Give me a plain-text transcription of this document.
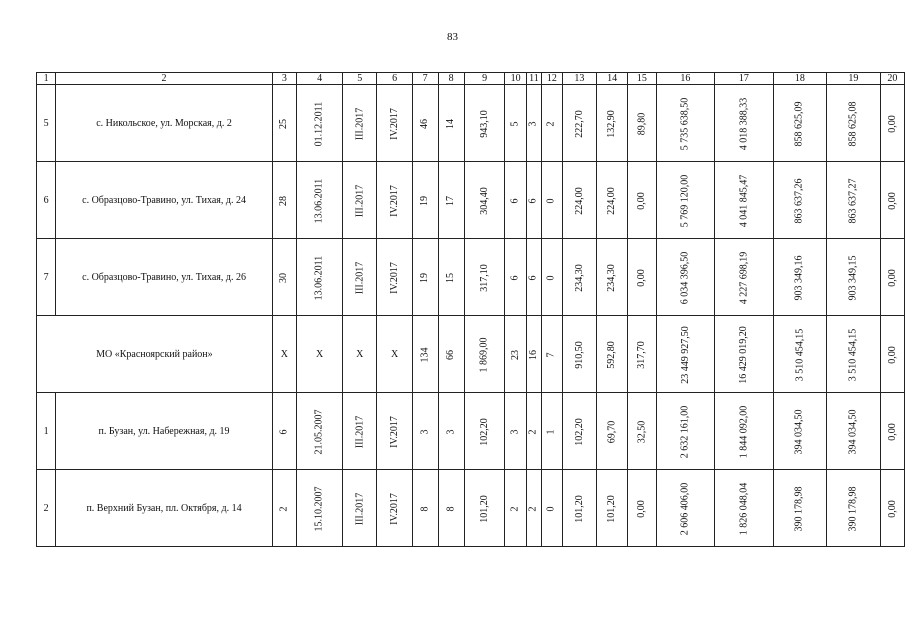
83
1	2	3	4	5	6	7	8	9	10	11	12	13	14	15	16	17	18	19	20
5	с. Никольское, ул. Морская, д. 2	25	01.12.2011	III.2017	IV.2017	46	14	943,10	5	3	2	222,70	132,90	89,80	5 735 638,50	4 018 388,33	858 625,09	858 625,08	0,00
6	с. Образцово-Травино, ул. Тихая, д. 24	28	13.06.2011	III.2017	IV.2017	19	17	304,40	6	6	0	224,00	224,00	0,00	5 769 120,00	4 041 845,47	863 637,26	863 637,27	0,00
7	с. Образцово-Травино, ул. Тихая, д. 26	30	13.06.2011	III.2017	IV.2017	19	15	317,10	6	6	0	234,30	234,30	0,00	6 034 396,50	4 227 698,19	903 349,16	903 349,15	0,00
МО «Красноярский район»		X	X	X	X	134	66	1 869,00	23	16	7	910,50	592,80	317,70	23 449 927,50	16 429 019,20	3 510 454,15	3 510 454,15	0,00
1	п. Бузан, ул. Набережная, д. 19	6	21.05.2007	III.2017	IV.2017	3	3	102,20	3	2	1	102,20	69,70	32,50	2 632 161,00	1 844 092,00	394 034,50	394 034,50	0,00
2	п. Верхний Бузан, пл. Октября, д. 14	2	15.10.2007	III.2017	IV.2017	8	8	101,20	2	2	0	101,20	101,20	0,00	2 606 406,00	1 826 048,04	390 178,98	390 178,98	0,00
